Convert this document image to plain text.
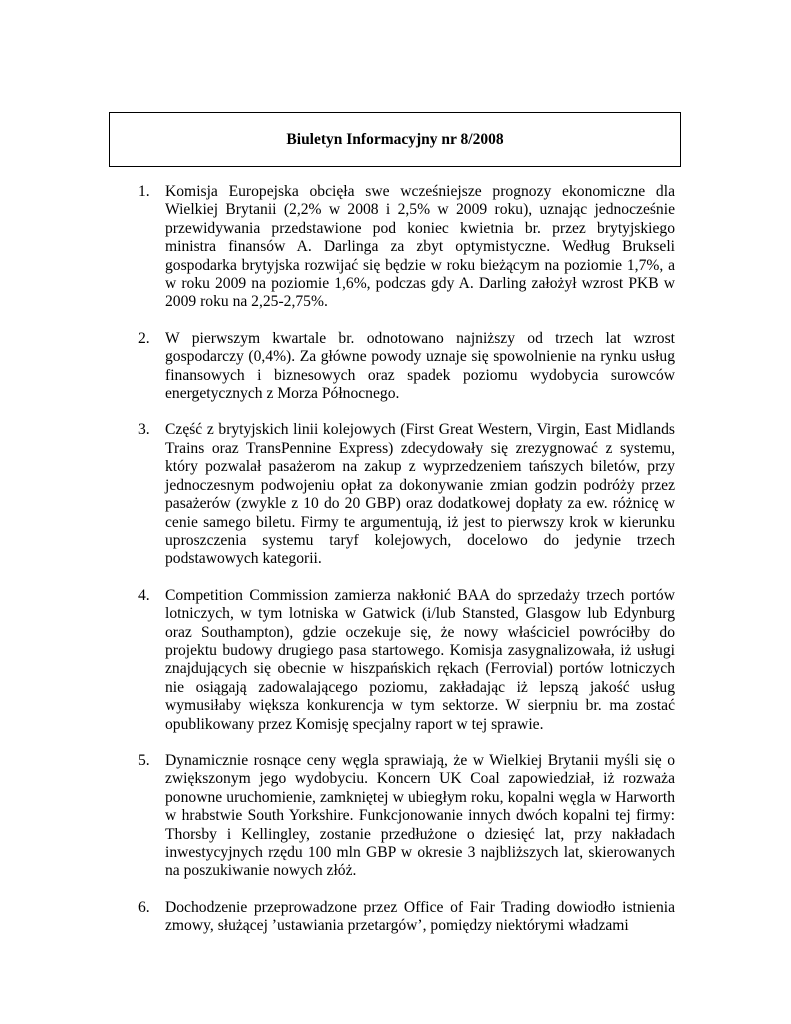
Biuletyn Informacyjny nr 8/2008
1. Komisja Europejska obcięła swe wcześniejsze prognozy ekonomiczne dla Wielkiej Brytanii (2,2% w 2008 i 2,5% w 2009 roku), uznając jednocześnie przewidywania przedstawione pod koniec kwietnia br. przez brytyjskiego ministra finansów A. Darlinga za zbyt optymistyczne. Według Brukseli gospodarka brytyjska rozwijać się będzie w roku bieżącym na poziomie 1,7%, a w roku 2009 na poziomie 1,6%, podczas gdy A. Darling założył wzrost PKB w 2009 roku na 2,25-2,75%.
2. W pierwszym kwartale br. odnotowano najniższy od trzech lat wzrost gospodarczy (0,4%). Za główne powody uznaje się spowolnienie na rynku usług finansowych i biznesowych oraz spadek poziomu wydobycia surowców energetycznych z Morza Północnego.
3. Część z brytyjskich linii kolejowych (First Great Western, Virgin, East Midlands Trains oraz TransPennine Express) zdecydowały się zrezygnować z systemu, który pozwalał pasażerom na zakup z wyprzedzeniem tańszych biletów, przy jednoczesnym podwojeniu opłat za dokonywanie zmian godzin podróży przez pasażerów (zwykle z 10 do 20 GBP) oraz dodatkowej dopłaty za ew. różnicę w cenie samego biletu. Firmy te argumentują, iż jest to pierwszy krok w kierunku uproszczenia systemu taryf kolejowych, docelowo do jedynie trzech podstawowych kategorii.
4. Competition Commission zamierza nakłonić BAA do sprzedaży trzech portów lotniczych, w tym lotniska w Gatwick (i/lub Stansted, Glasgow lub Edynburg oraz Southampton), gdzie oczekuje się, że nowy właściciel powróciłby do projektu budowy drugiego pasa startowego. Komisja zasygnalizowała, iż usługi znajdujących się obecnie w hiszpańskich rękach (Ferrovial) portów lotniczych nie osiągają zadowalającego poziomu, zakładając iż lepszą jakość usług wymusiłaby większa konkurencja w tym sektorze. W sierpniu br. ma zostać opublikowany przez Komisję specjalny raport w tej sprawie.
5. Dynamicznie rosnące ceny węgla sprawiają, że w Wielkiej Brytanii myśli się o zwiększonym jego wydobyciu. Koncern UK Coal zapowiedział, iż rozważa ponowne uruchomienie, zamkniętej w ubiegłym roku, kopalni węgla w Harworth w hrabstwie South Yorkshire. Funkcjonowanie innych dwóch kopalni tej firmy: Thorsby i Kellingley, zostanie przedłużone o dziesięć lat, przy nakładach inwestycyjnych rzędu 100 mln GBP w okresie 3 najbliższych lat, skierowanych na poszukiwanie nowych złóż.
6. Dochodzenie przeprowadzone przez Office of Fair Trading dowiodło istnienia zmowy, służącej ’ustawiania przetargów’, pomiędzy niektórymi władzami
